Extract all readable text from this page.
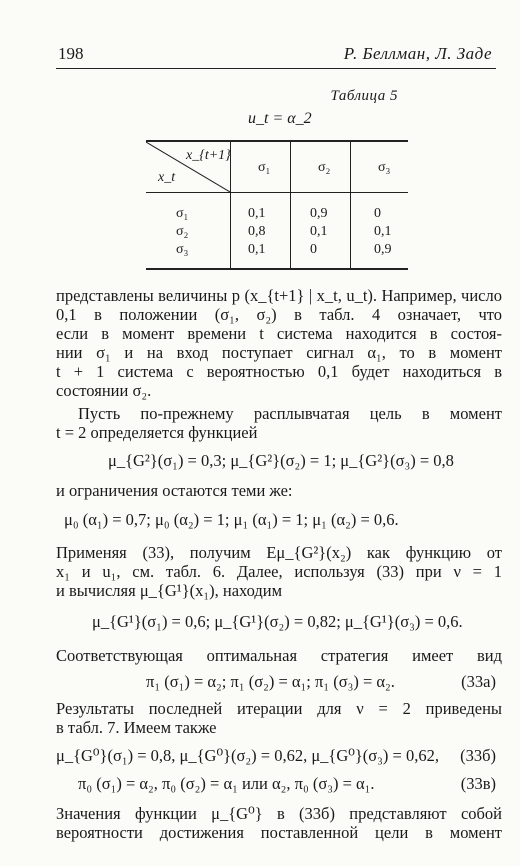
198	Р. Беллман, Л. Заде
Таблица 5
u_t = α_2
x_{t+1}
x_t
σ₁	σ₂	σ₃
σ₁	0,1	0,9	0
σ₂	0,8	0,1	0,1
σ₃	0,1	0	0,9
представлены величины p (x_{t+1} | x_t, u_t). Например, число
0,1 в положении (σ₁, σ₂) в табл. 4 означает, что
если в момент времени t система находится в состоя-
нии σ₁ и на вход поступает сигнал α₁, то в момент
t + 1 система с вероятностью 0,1 будет находиться в
состоянии σ₂.
Пусть по-прежнему расплывчатая цель в момент
t = 2 определяется функцией
μ_{G²}(σ₁) = 0,3; μ_{G²}(σ₂) = 1; μ_{G²}(σ₃) = 0,8
и ограничения остаются теми же:
μ₀ (α₁) = 0,7; μ₀ (α₂) = 1; μ₁ (α₁) = 1; μ₁ (α₂) = 0,6.
Применяя (33), получим Eμ_{G²}(x₂) как функцию от
x₁ и u₁, см. табл. 6. Далее, используя (33) при ν = 1
и вычисляя μ_{G¹}(x₁), находим
μ_{G¹}(σ₁) = 0,6; μ_{G¹}(σ₂) = 0,82; μ_{G¹}(σ₃) = 0,6.
Соответствующая оптимальная стратегия имеет вид
π₁ (σ₁) = α₂; π₁ (σ₂) = α₁; π₁ (σ₃) = α₂.	(33а)
Результаты последней итерации для ν = 2 приведены
в табл. 7. Имеем также
μ_{G⁰}(σ₁) = 0,8, μ_{G⁰}(σ₂) = 0,62, μ_{G⁰}(σ₃) = 0,62, (33б)
π₀ (σ₁) = α₂, π₀ (σ₂) = α₁ или α₂, π₀ (σ₃) = α₁.	(33в)
Значения функции μ_{G⁰} в (33б) представляют собой
вероятности достижения поставленной цели в момент
